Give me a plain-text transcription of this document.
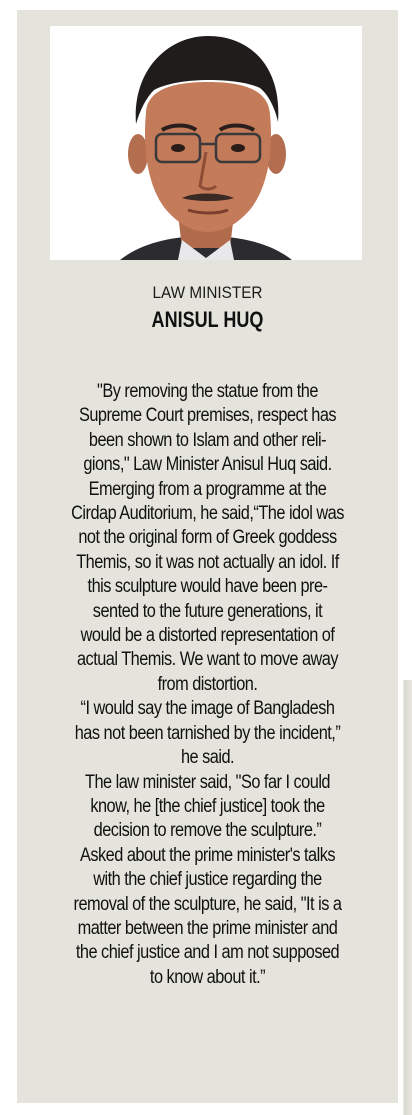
LAW MINISTER
ANISUL HUQ
"By removing the statue from the
Supreme Court premises, respect has
been shown to Islam and other reli-
gions," Law Minister Anisul Huq said.
Emerging from a programme at the
Cirdap Auditorium, he said,“The idol was
not the original form of Greek goddess
Themis, so it was not actually an idol. If
this sculpture would have been pre-
sented to the future generations, it
would be a distorted representation of
actual Themis. We want to move away
from distortion.
“I would say the image of Bangladesh
has not been tarnished by the incident,”
he said.
The law minister said, "So far I could
know, he [the chief justice] took the
decision to remove the sculpture.”
Asked about the prime minister's talks
with the chief justice regarding the
removal of the sculpture, he said, "It is a
matter between the prime minister and
the chief justice and I am not supposed
to know about it.”
